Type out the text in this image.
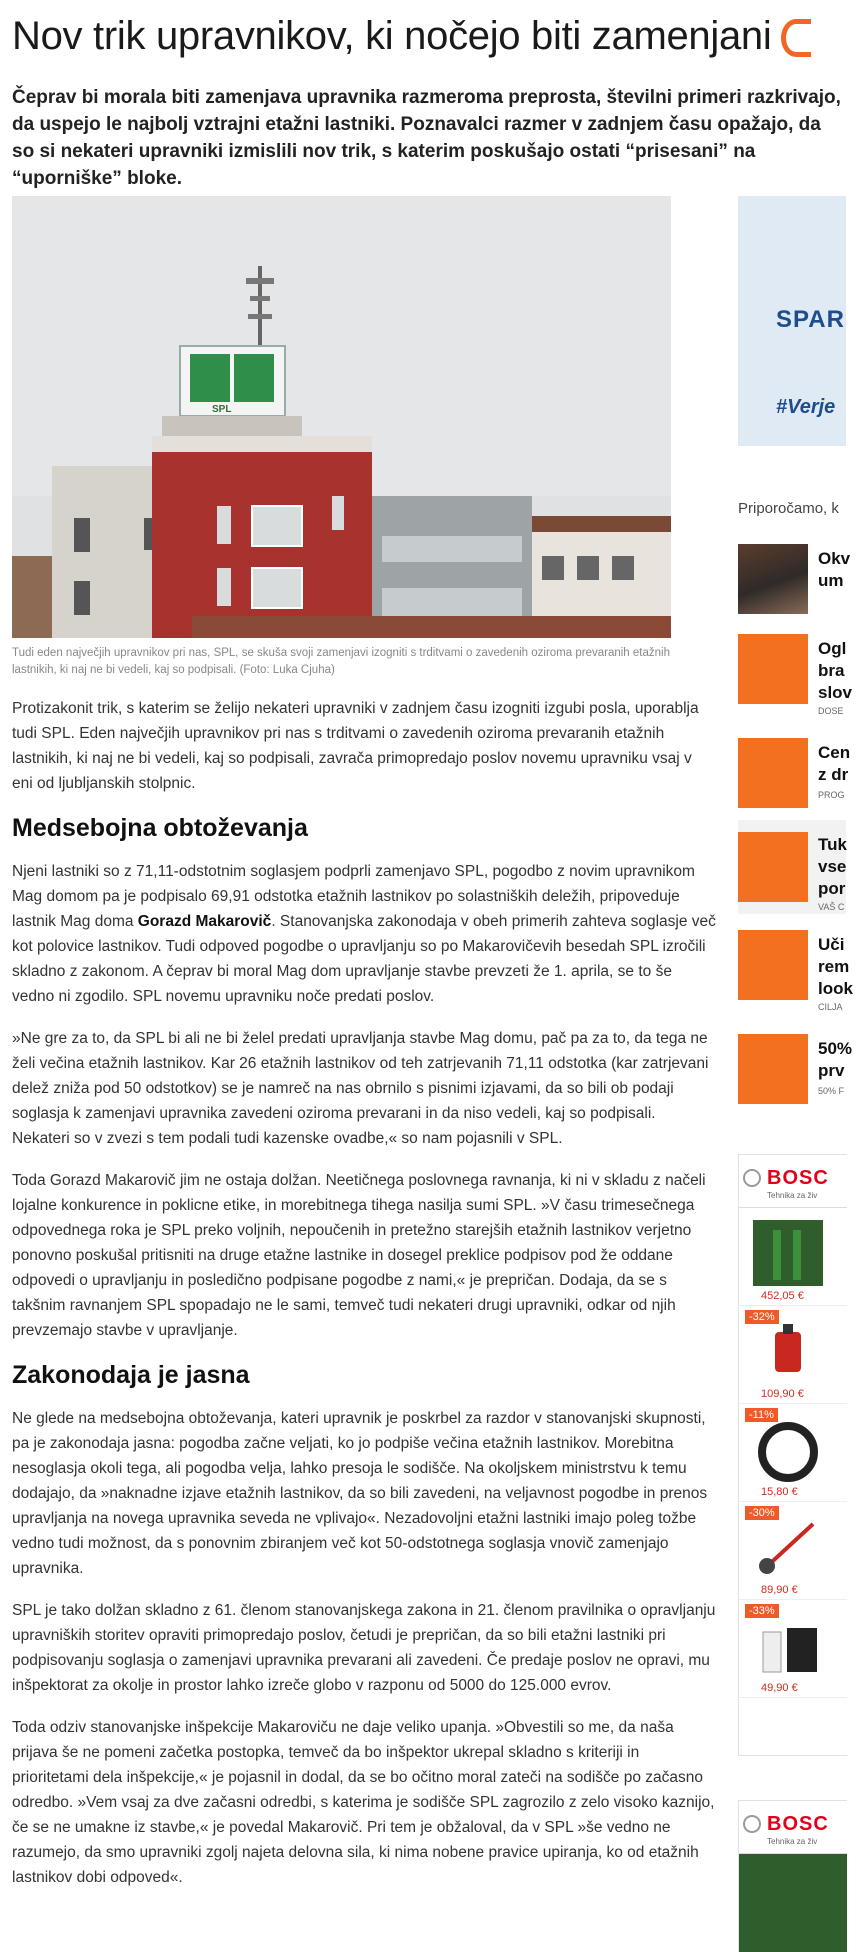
Nov trik upravnikov, ki nočejo biti zamenjani

Čeprav bi morala biti zamenjava upravnika razmeroma preprosta, številni primeri razkrivajo, da uspejo le najbolj vztrajni etažni lastniki. Poznavalci razmer v zadnjem času opažajo, da so si nekateri upravniki izmislili nov trik, s katerim poskušajo ostati “prisesani” na “uporniške” bloke.

SPL

Tudi eden največjih upravnikov pri nas, SPL, se skuša svoji zamenjavi izogniti s trditvami o zavedenih oziroma prevaranih etažnih lastnikih, ki naj ne bi vedeli, kaj so podpisali. (Foto: Luka Cjuha)

Protizakonit trik, s katerim se želijo nekateri upravniki v zadnjem času izogniti izgubi posla, uporablja tudi SPL. Eden največjih upravnikov pri nas s trditvami o zavedenih oziroma prevaranih etažnih lastnikih, ki naj ne bi vedeli, kaj so podpisali, zavrača primopredajo poslov novemu upravniku vsaj v eni od ljubljanskih stolpnic.

Medsebojna obtoževanja

Njeni lastniki so z 71,11-odstotnim soglasjem podprli zamenjavo SPL, pogodbo z novim upravnikom Mag domom pa je podpisalo 69,91 odstotka etažnih lastnikov po solastniških deležih, pripoveduje lastnik Mag doma Gorazd Makarovič. Stanovanjska zakonodaja v obeh primerih zahteva soglasje več kot polovice lastnikov. Tudi odpoved pogodbe o upravljanju so po Makarovičevih besedah SPL izročili skladno z zakonom. A čeprav bi moral Mag dom upravljanje stavbe prevzeti že 1. aprila, se to še vedno ni zgodilo. SPL novemu upravniku noče predati poslov.

»Ne gre za to, da SPL bi ali ne bi želel predati upravljanja stavbe Mag domu, pač pa za to, da tega ne želi večina etažnih lastnikov. Kar 26 etažnih lastnikov od teh zatrjevanih 71,11 odstotka (kar zatrjevani delež zniža pod 50 odstotkov) se je namreč na nas obrnilo s pisnimi izjavami, da so bili ob podaji soglasja k zamenjavi upravnika zavedeni oziroma prevarani in da niso vedeli, kaj so podpisali. Nekateri so v zvezi s tem podali tudi kazenske ovadbe,« so nam pojasnili v SPL.

Toda Gorazd Makarovič jim ne ostaja dolžan. Neetičnega poslovnega ravnanja, ki ni v skladu z načeli lojalne konkurence in poklicne etike, in morebitnega tihega nasilja sumi SPL. »V času trimesečnega odpovednega roka je SPL preko voljnih, nepoučenih in pretežno starejših etažnih lastnikov verjetno ponovno poskušal pritisniti na druge etažne lastnike in dosegel preklice podpisov pod že oddane odpovedi o upravljanju in posledično podpisane pogodbe z nami,« je prepričan. Dodaja, da se s takšnim ravnanjem SPL spopadajo ne le sami, temveč tudi nekateri drugi upravniki, odkar od njih prevzemajo stavbe v upravljanje.

Zakonodaja je jasna

Ne glede na medsebojna obtoževanja, kateri upravnik je poskrbel za razdor v stanovanjski skupnosti, pa je zakonodaja jasna: pogodba začne veljati, ko jo podpiše večina etažnih lastnikov. Morebitna nesoglasja okoli tega, ali pogodba velja, lahko presoja le sodišče. Na okoljskem ministrstvu k temu dodajajo, da »naknadne izjave etažnih lastnikov, da so bili zavedeni, na veljavnost pogodbe in prenos upravljanja na novega upravnika seveda ne vplivajo«. Nezadovoljni etažni lastniki imajo poleg tožbe vedno tudi možnost, da s ponovnim zbiranjem več kot 50-odstotnega soglasja vnovič zamenjajo upravnika.

SPL je tako dolžan skladno z 61. členom stanovanjskega zakona in 21. členom pravilnika o opravljanju upravniških storitev opraviti primopredajo poslov, četudi je prepričan, da so bili etažni lastniki pri podpisovanju soglasja o zamenjavi upravnika prevarani ali zavedeni. Če predaje poslov ne opravi, mu inšpektorat za okolje in prostor lahko izreče globo v razponu od 5000 do 125.000 evrov.

Toda odziv stanovanjske inšpekcije Makaroviču ne daje veliko upanja. »Obvestili so me, da naša prijava še ne pomeni začetka postopka, temveč da bo inšpektor ukrepal skladno s kriteriji in prioritetami dela inšpekcije,« je pojasnil in dodal, da se bo očitno moral zateči na sodišče po začasno odredbo. »Vem vsaj za dve začasni odredbi, s katerima je sodišče SPL zagrozilo z zelo visoko kaznijo, če se ne umakne iz stavbe,« je povedal Makarovič. Pri tem je obžaloval, da v SPL »še vedno ne razumejo, da smo upravniki zgolj najeta delovna sila, ki nima nobene pravice upiranja, ko od etažnih lastnikov dobi odpoved«.

SPAR
#Verje
Priporočamo, k
Okv
um
Ogl
bra
slov
DOSE
Cen
z dr
PROG
Tuk
vse
por
VAŠ C
Uči
rem
look
CILJA
50%
prv
50% F
BOSC
Tehnika za živ
452,05 €
-32%
109,90 €
-11%
15,80 €
-30%
89,90 €
-33%
49,90 €
BOSC
Tehnika za živ
